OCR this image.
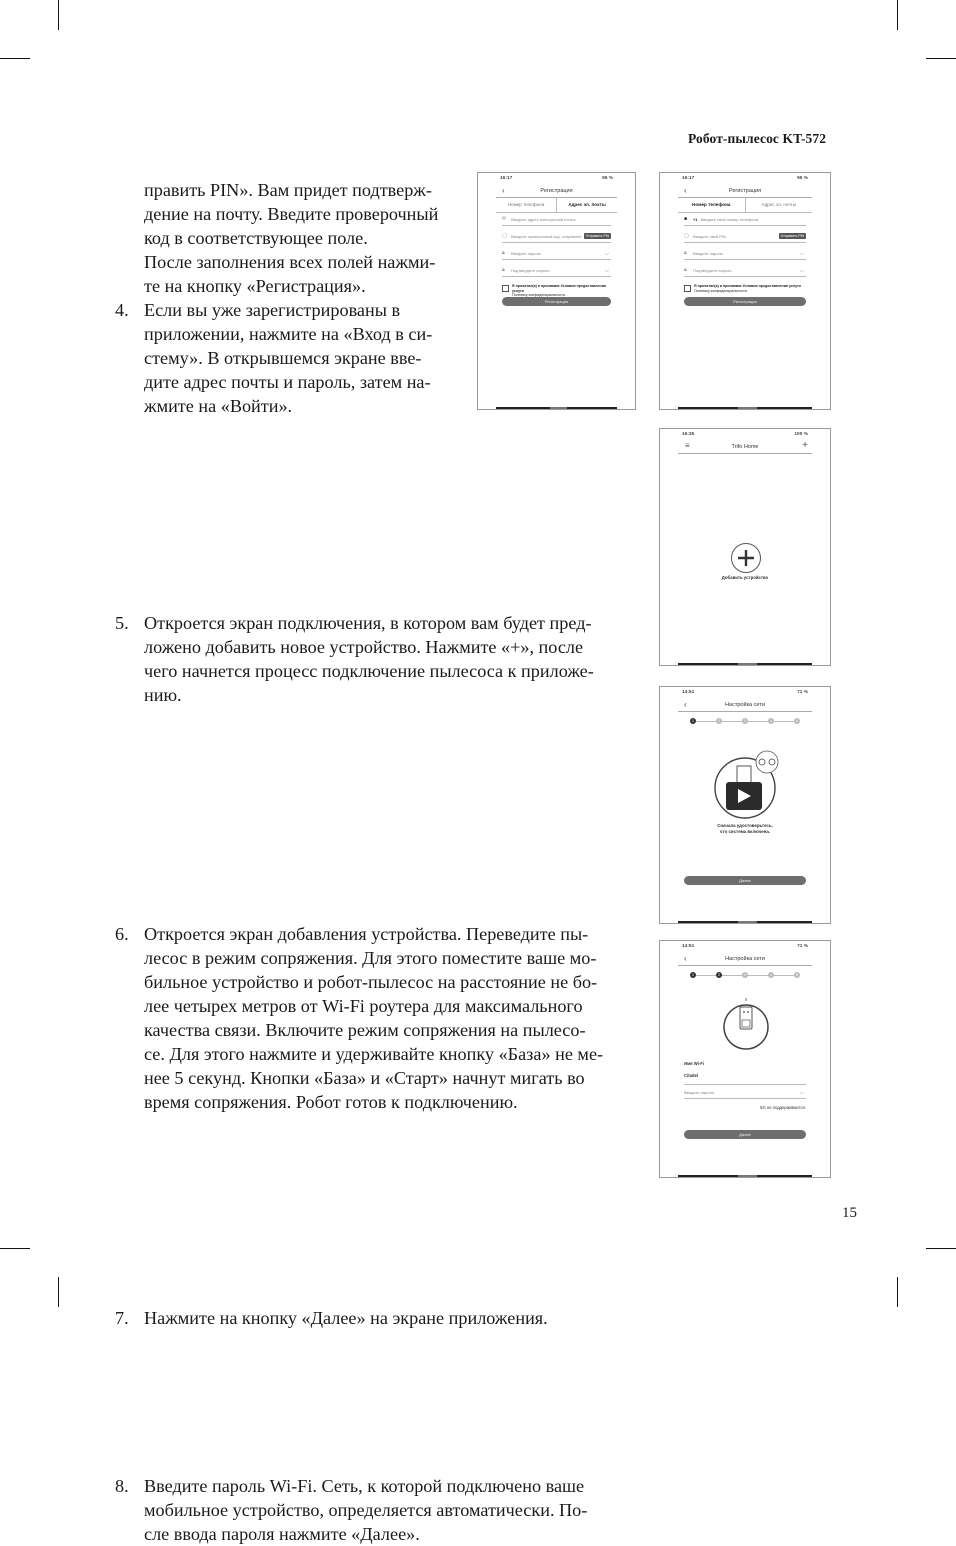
Робот-пылесос KT-572
15

править PIN». Вам придет подтверж-

дение на почту. Введите проверочный

код в соответствующее поле.

После заполнения всех полей нажми-

те на кнопку «Регистрация».

4. Если вы уже зарегистрированы в

приложении, нажмите на «Вход в си-

стему». В открывшемся экране вве-

дите адрес почты и пароль, затем на-

жмите на «Войти».

5. Откроется экран подключения, в котором вам будет пред-

ложено добавить новое устройство. Нажмите «+», после

чего начнется процесс подключение пылесоса к приложе-

нию.

6. Откроется экран добавления устройства. Переведите пы-

лесос в режим сопряжения. Для этого поместите ваше мо-

бильное устройство и робот-пылесос на расстояние не бо-

лее четырех метров от Wi-Fi роутера для максимального

качества связи. Включите режим сопряжения на пылесо-

се. Для этого нажмите и удерживайте кнопку «База» не ме-

нее 5 секунд. Кнопки «База» и «Старт» начнут мигать во

время сопряжения. Робот готов к подключению.

7. Нажмите на кнопку «Далее» на экране приложения.

8. Введите пароль Wi-Fi. Сеть, к которой подключено ваше

мобильное устройство, определяется автоматически. По-

сле ввода пароля нажмите «Далее».

16:17	95 %
‹	Регистрация
Номер телефона	Адрес эл. почты
✉	Введите адрес электронной почты.
▢	Введите проверочный код, отправлен	Отправить PIN
🔒︎	Введите пароль.	◡
🔒︎	Подтвердите пароль.	◡
Я прочитал(а) и принимаю Условия предоставления услуги
Политику конфиденциальности.
Регистрация
16:17	95 %
‹	Регистрация
Номер телефона	Адрес эл. почты
■	+1 Введите свой номер телефона.
▢	Введите свой PIN.	Отправить PIN
🔒︎	Введите пароль.	◡
🔒︎	Подтвердите пароль.	◡
Я прочитал(а) и принимаю Условия предоставления услуги
Политику конфиденциальности.
Регистрация
16:35	100 %
≡	Trifo Home	+
Добавить устройство
14:51	71 %
‹	Настройка сети
1	2	3	4	5
Сначала удостоверьтесь,
что система включена.
Далее
14:51	71 %
‹	Настройка сети
1	2	3	4	5
Имя Wi-Fi
Citadel
Введите пароль.	◡
5G не поддерживается.
Далее
